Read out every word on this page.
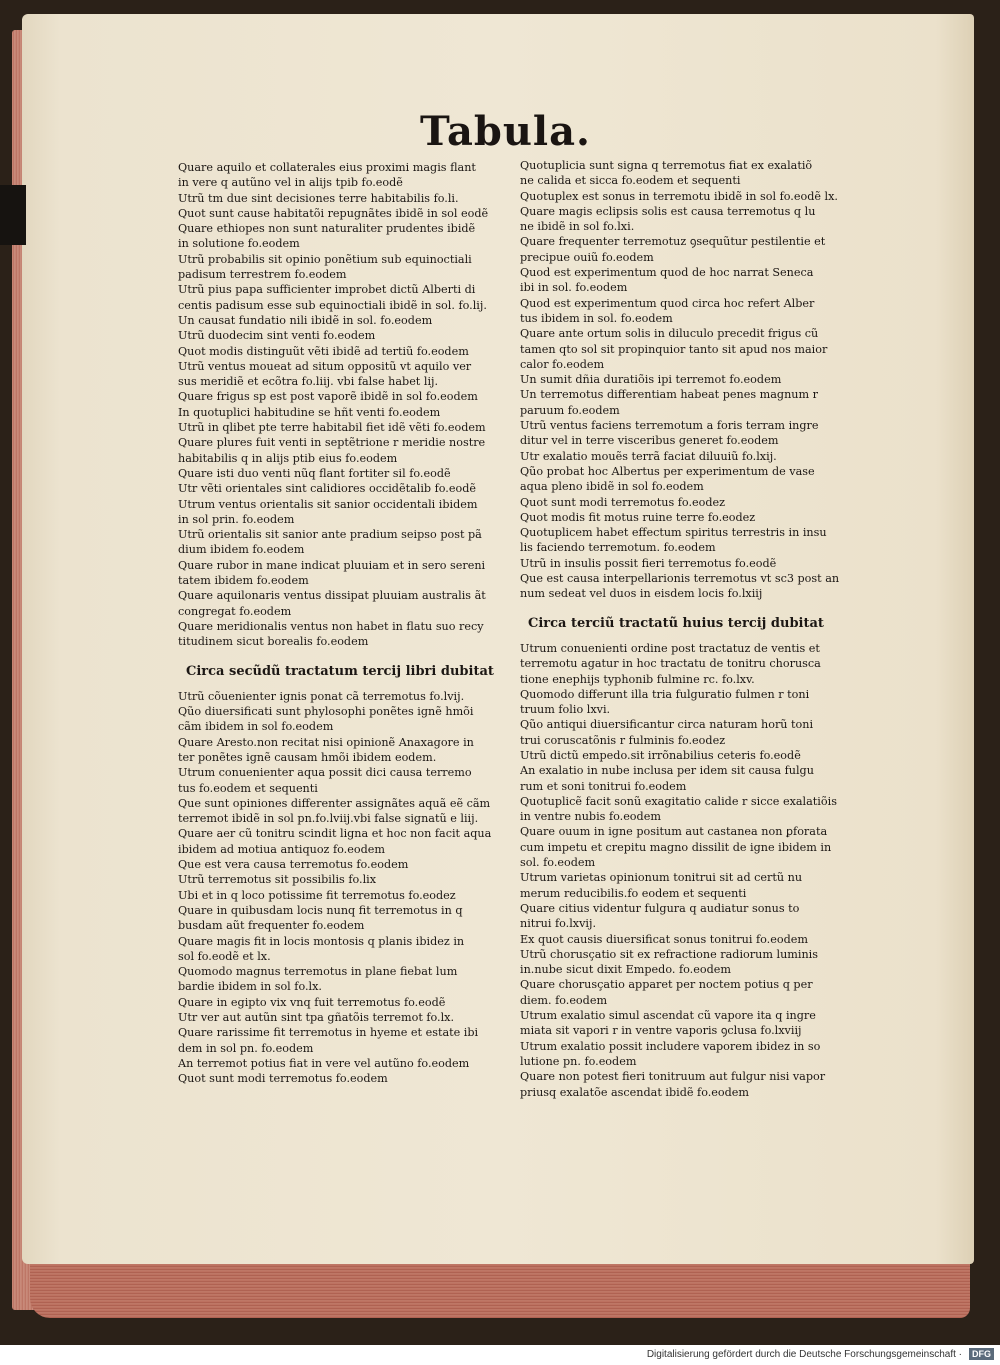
Tabula.
Quare aquilo et collaterales eius proximi magis flant
in vere q autũno vel in alijs tpib fo.eodẽ
Utrũ tm due sint decisiones terre habitabilis fo.li.
Quot sunt cause habitatõi repugnãtes ibidẽ in sol eodẽ
Quare ethiopes non sunt naturaliter prudentes ibidẽ
in solutione fo.eodem
Utrũ probabilis sit opinio ponẽtium sub equinoctiali
padisum terrestrem fo.eodem
Utrũ pius papa sufficienter improbet dictũ Alberti di
centis padisum esse sub equinoctiali ibidẽ in sol. fo.lij.
Un causat fundatio nili ibidẽ in sol. fo.eodem
Utrũ duodecim sint venti fo.eodem
Quot modis distinguũt vẽti ibidẽ ad tertiũ fo.eodem
Utrũ ventus moueat ad situm oppositũ vt aquilo ver
sus meridiẽ et ecõtra fo.liij. vbi false habet lij.
Quare frigus sp est post vaporẽ ibidẽ in sol fo.eodem
In quotuplici habitudine se hñt venti fo.eodem
Utrũ in qlibet pte terre habitabil fiet idẽ vẽti fo.eodem
Quare plures fuit venti in septẽtrione r meridie nostre
habitabilis q in alijs ptib eius fo.eodem
Quare isti duo venti nũq flant fortiter sil fo.eodẽ
Utr vẽti orientales sint calidiores occidẽtalib fo.eodẽ
Utrum ventus orientalis sit sanior occidentali ibidem
in sol prin. fo.eodem
Utrũ orientalis sit sanior ante pradium seipso post pã
dium ibidem fo.eodem
Quare rubor in mane indicat pluuiam et in sero sereni
tatem ibidem fo.eodem
Quare aquilonaris ventus dissipat pluuiam australis ãt
congregat fo.eodem
Quare meridionalis ventus non habet in flatu suo recy
titudinem sicut borealis fo.eodem
Circa secũdũ tractatum tercij libri dubitat
Utrũ cõuenienter ignis ponat cã terremotus fo.lvij.
Qũo diuersificati sunt phylosophi ponẽtes ignẽ hmõi
cãm ibidem in sol fo.eodem
Quare Aresto.non recitat nisi opinionẽ Anaxagore in
ter ponẽtes ignẽ causam hmõi ibidem eodem.
Utrum conuenienter aqua possit dici causa terremo
tus fo.eodem et sequenti
Que sunt opiniones differenter assignãtes aquã eẽ cãm
terremot ibidẽ in sol pn.fo.lviij.vbi false signatũ e liij.
Quare aer cũ tonitru scindit ligna et hoc non facit aqua
ibidem ad motiua antiquoz fo.eodem
Que est vera causa terremotus fo.eodem
Utrũ terremotus sit possibilis fo.lix
Ubi et in q loco potissime fit terremotus fo.eodez
Quare in quibusdam locis nunq fit terremotus in q
busdam aũt frequenter fo.eodem
Quare magis fit in locis montosis q planis ibidez in
sol fo.eodẽ et lx.
Quomodo magnus terremotus in plane fiebat lum
bardie ibidem in sol fo.lx.
Quare in egipto vix vnq fuit terremotus fo.eodẽ
Utr ver aut autũn sint tpa gñatõis terremot fo.lx.
Quare rarissime fit terremotus in hyeme et estate ibi
dem in sol pn. fo.eodem
An terremot potius fiat in vere vel autũno fo.eodem
Quot sunt modi terremotus fo.eodem
Quotuplicia sunt signa q terremotus fiat ex exalatiõ
ne calida et sicca fo.eodem et sequenti
Quotuplex est sonus in terremotu ibidẽ in sol fo.eodẽ lx.
Quare magis eclipsis solis est causa terremotus q lu
ne ibidẽ in sol fo.lxi.
Quare frequenter terremotuz ꝯsequũtur pestilentie et
precipue ouiũ fo.eodem
Quod est experimentum quod de hoc narrat Seneca
ibi in sol. fo.eodem
Quod est experimentum quod circa hoc refert Alber
tus ibidem in sol. fo.eodem
Quare ante ortum solis in diluculo precedit frigus cũ
tamen qto sol sit propinquior tanto sit apud nos maior
calor fo.eodem
Un sumit dñia duratiõis ipi terremot fo.eodem
Un terremotus differentiam habeat penes magnum r
paruum fo.eodem
Utrũ ventus faciens terremotum a foris terram ingre
ditur vel in terre visceribus generet fo.eodem
Utr exalatio mouẽs terrã faciat diluuiũ fo.lxij.
Qũo probat hoc Albertus per experimentum de vase
aqua pleno ibidẽ in sol fo.eodem
Quot sunt modi terremotus fo.eodez
Quot modis fit motus ruine terre fo.eodez
Quotuplicem habet effectum spiritus terrestris in insu
lis faciendo terremotum. fo.eodem
Utrũ in insulis possit fieri terremotus fo.eodẽ
Que est causa interpellarionis terremotus vt sc3 post an
num sedeat vel duos in eisdem locis fo.lxiij
Circa terciũ tractatũ huius tercij dubitat
Utrum conuenienti ordine post tractatuz de ventis et
terremotu agatur in hoc tractatu de tonitru chorusca
tione enephijs typhonib fulmine rc. fo.lxv.
Quomodo differunt illa tria fulguratio fulmen r toni
truum folio lxvi.
Qũo antiqui diuersificantur circa naturam horũ toni
trui coruscatõnis r fulminis fo.eodez
Utrũ dictũ empedo.sit irrõnabilius ceteris fo.eodẽ
An exalatio in nube inclusa per idem sit causa fulgu
rum et soni tonitrui fo.eodem
Quotuplicẽ facit sonũ exagitatio calide r sicce exalatiõis
in ventre nubis fo.eodem
Quare ouum in igne positum aut castanea non ꝑforata
cum impetu et crepitu magno dissilit de igne ibidem in
sol. fo.eodem
Utrum varietas opinionum tonitrui sit ad certũ nu
merum reducibilis.fo eodem et sequenti
Quare citius videntur fulgura q audiatur sonus to
nitrui fo.lxvij.
Ex quot causis diuersificat sonus tonitrui fo.eodem
Utrũ chorusçatio sit ex refractione radiorum luminis
in.nube sicut dixit Empedo. fo.eodem
Quare chorusçatio apparet per noctem potius q per
diem. fo.eodem
Utrum exalatio simul ascendat cũ vapore ita q ingre
miata sit vapori r in ventre vaporis ꝯclusa fo.lxviij
Utrum exalatio possit includere vaporem ibidez in so
lutione pn. fo.eodem
Quare non potest fieri tonitruum aut fulgur nisi vapor
priusq exalatõe ascendat ibidẽ fo.eodem
Digitalisierung gefördert durch die Deutsche Forschungsgemeinschaft ·	DFG
